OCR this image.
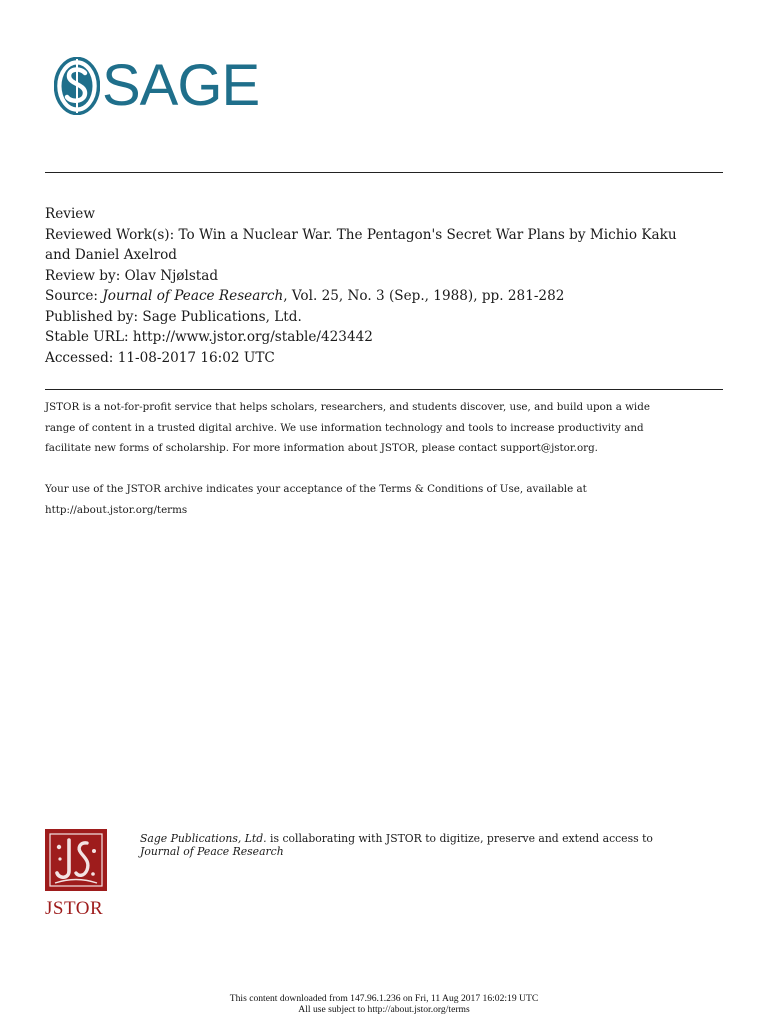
SAGE
Review
Reviewed Work(s): To Win a Nuclear War. The Pentagon's Secret War Plans by Michio Kaku
and Daniel Axelrod
Review by: Olav Njølstad
Source: Journal of Peace Research, Vol. 25, No. 3 (Sep., 1988), pp. 281-282
Published by: Sage Publications, Ltd.
Stable URL: http://www.jstor.org/stable/423442
Accessed: 11-08-2017 16:02 UTC
JSTOR is a not-for-profit service that helps scholars, researchers, and students discover, use, and build upon a wide
range of content in a trusted digital archive. We use information technology and tools to increase productivity and
facilitate new forms of scholarship. For more information about JSTOR, please contact support@jstor.org.
Your use of the JSTOR archive indicates your acceptance of the Terms & Conditions of Use, available at
http://about.jstor.org/terms
JSTOR
Sage Publications, Ltd. is collaborating with JSTOR to digitize, preserve and extend access to
Journal of Peace Research
This content downloaded from 147.96.1.236 on Fri, 11 Aug 2017 16:02:19 UTC
All use subject to http://about.jstor.org/terms
